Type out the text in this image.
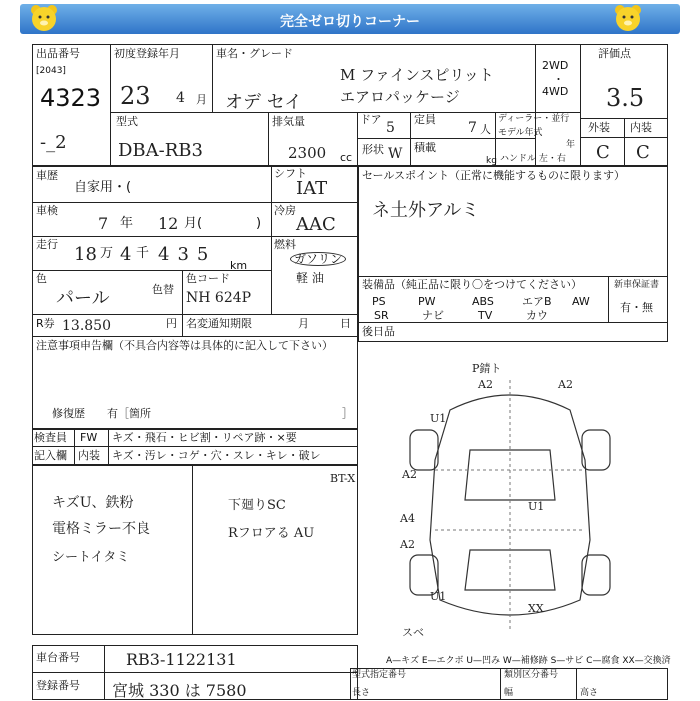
完全ゼロ切りコーナー
出品番号
[2043]
4323
-_2
初度登録年月
23 4 月
車名・グレード
M ファインスピリット
オデ セイ	エアロパッケージ
2WD
・
4WD
評価点
3.5
外装 内装
C C
型式
DBA-RB3
排気量
2300 cc
ドア
5
定員
7 人
ディーラー・並行
モデル年式
年
形状 W 積載
kg ハンドル 左・右
車歴
自家用・(
シフト
IAT
車検
7 年 12 月(	)
冷房
AAC
走行 18 万 4 千 435
km
燃料
ガソリン
軽 油
色
パール	色替
色コード
NH 624P
R券 13.850	円 名変通知期限	月	日
注意事項申告欄（不具合内容等は具体的に記入して下さい）
修復歴　　有［箇所	］
セールスポイント（正常に機能するものに限ります）
ネ土外アルミ
装備品（純正品に限り〇をつけてください）	新車保証書
有・無
PS	PW	ABS	エアB AW
SR	ナビ	TV	カウ
後日品
検査員
記入欄
FW
内装
キズ・飛石・ヒビ割・リペア跡・×要
キズ・汚レ・コゲ・穴・スレ・キレ・破レ
キズU、鉄粉
電格ミラー不良
シートイタミ
下廻りSC
Rフロアる AU
BT-X
P錆ト
A2	A2
U1
A2
U1
A4
A2
U1
XX
スベ
車台番号	RB3-1122131
登録番号 宮城 330 は 7580
A—キズ E—エクボ U—凹み W—補修跡 S—サビ C—腐食 XX—交換済
型式指定番号	類別区分番号
長さ	幅	高さ
